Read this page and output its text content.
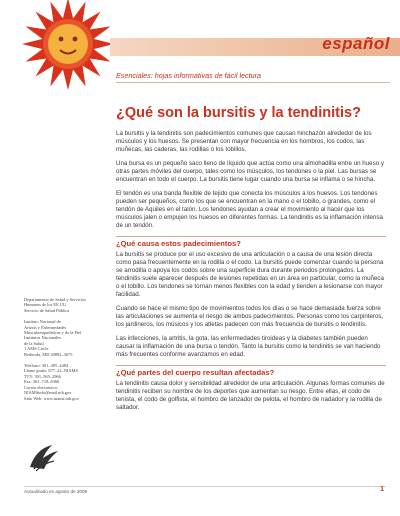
español
Esenciales: hojas informativas de fácil lectura
¿Qué son la bursitis y la tendinitis?

La bursitis y la tendinitis son padecimientos comunes que causan hinchazón alrededor de los músculos y los huesos. Se presentan con mayor frecuencia en los hombros, los codos, las muñecas, las caderas, las rodillas o los tobillos.

Una bursa es un pequeño saco lleno de líquido que actúa como una almohadilla entre un hueso y otras partes móviles del cuerpo, tales como los músculos, los tendones o la piel. Las bursas se encuentran en todo el cuerpo. La bursitis tiene lugar cuando una bursa se inflama o se hincha.

El tendón es una banda flexible de tejido que conecta los músculos a los huesos. Los tendones pueden ser pequeños, como los que se encuentran en la mano o el tobillo, o grandes, como el tendón de Aquiles en el talón. Los tendones ayudan a crear el movimiento al hacer que los músculos jalen o empujen los huesos en diferentes formas. La tendinitis es la inflamación intensa de un tendón.

¿Qué causa estos padecimientos?

La bursitis se produce por el uso excesivo de una articulación o a causa de una lesión directa como pasa frecuentemente en la rodilla o el codo. La bursitis puede comenzar cuando la persona se arrodilla o apoya los codos sobre una superficie dura durante periodos prolongados. La tendinitis suele aparecer después de lesiones repetidas en un área en particular, como la muñeca o el tobillo. Los tendones se tornan menos flexibles con la edad y tienden a lesionarse con mayor facilidad.

Cuando se hace el mismo tipo de movimientos todos los días o se hace demasiada fuerza sobre las articulaciones se aumenta el riesgo de ambos padecimientos. Personas como los carpinteros, los jardineros, los músicos y los atletas padecen con más frecuencia de bursitis o tendinitis.

Las infecciones, la artritis, la gota, las enfermedades tiroideas y la diabetes también pueden causar la inflamación de una bursa o tendón. Tanto la bursitis como la tendinitis se van haciendo más frecuentes conforme avanzamos en edad.

¿Qué partes del cuerpo resultan afectadas?

La tendinitis causa dolor y sensibilidad alrededor de una articulación. Algunas formas comunes de tendinitis reciben su nombre de los deportes que aumentan su riesgo. Entre ellas, el codo de tenista, el codo de golfista, el hombro de lanzador de pelota, el hombro de nadador y la rodilla de saltador.

Departamento de Salud y Servicios
Humanos de los EE.UU.
Servicio de Salud Pública
Instituto Nacional de
Artritis y Enfermedades
Musculoesqueléticas y de la Piel
Institutos Nacionales
de la Salud
1 AMS Circle
Bethesda, MD 20892–3675
Teléfono: 301–495–4484
Llame gratis: 877–22–NIAMS
TTY: 301–565–2966
Fax: 301–718–6366
Correo electrónico:
NIAMSinfo@mail.nih.gov
Sitio Web: www.niams.nih.gov
Actualizado en agosto de 2009	1
